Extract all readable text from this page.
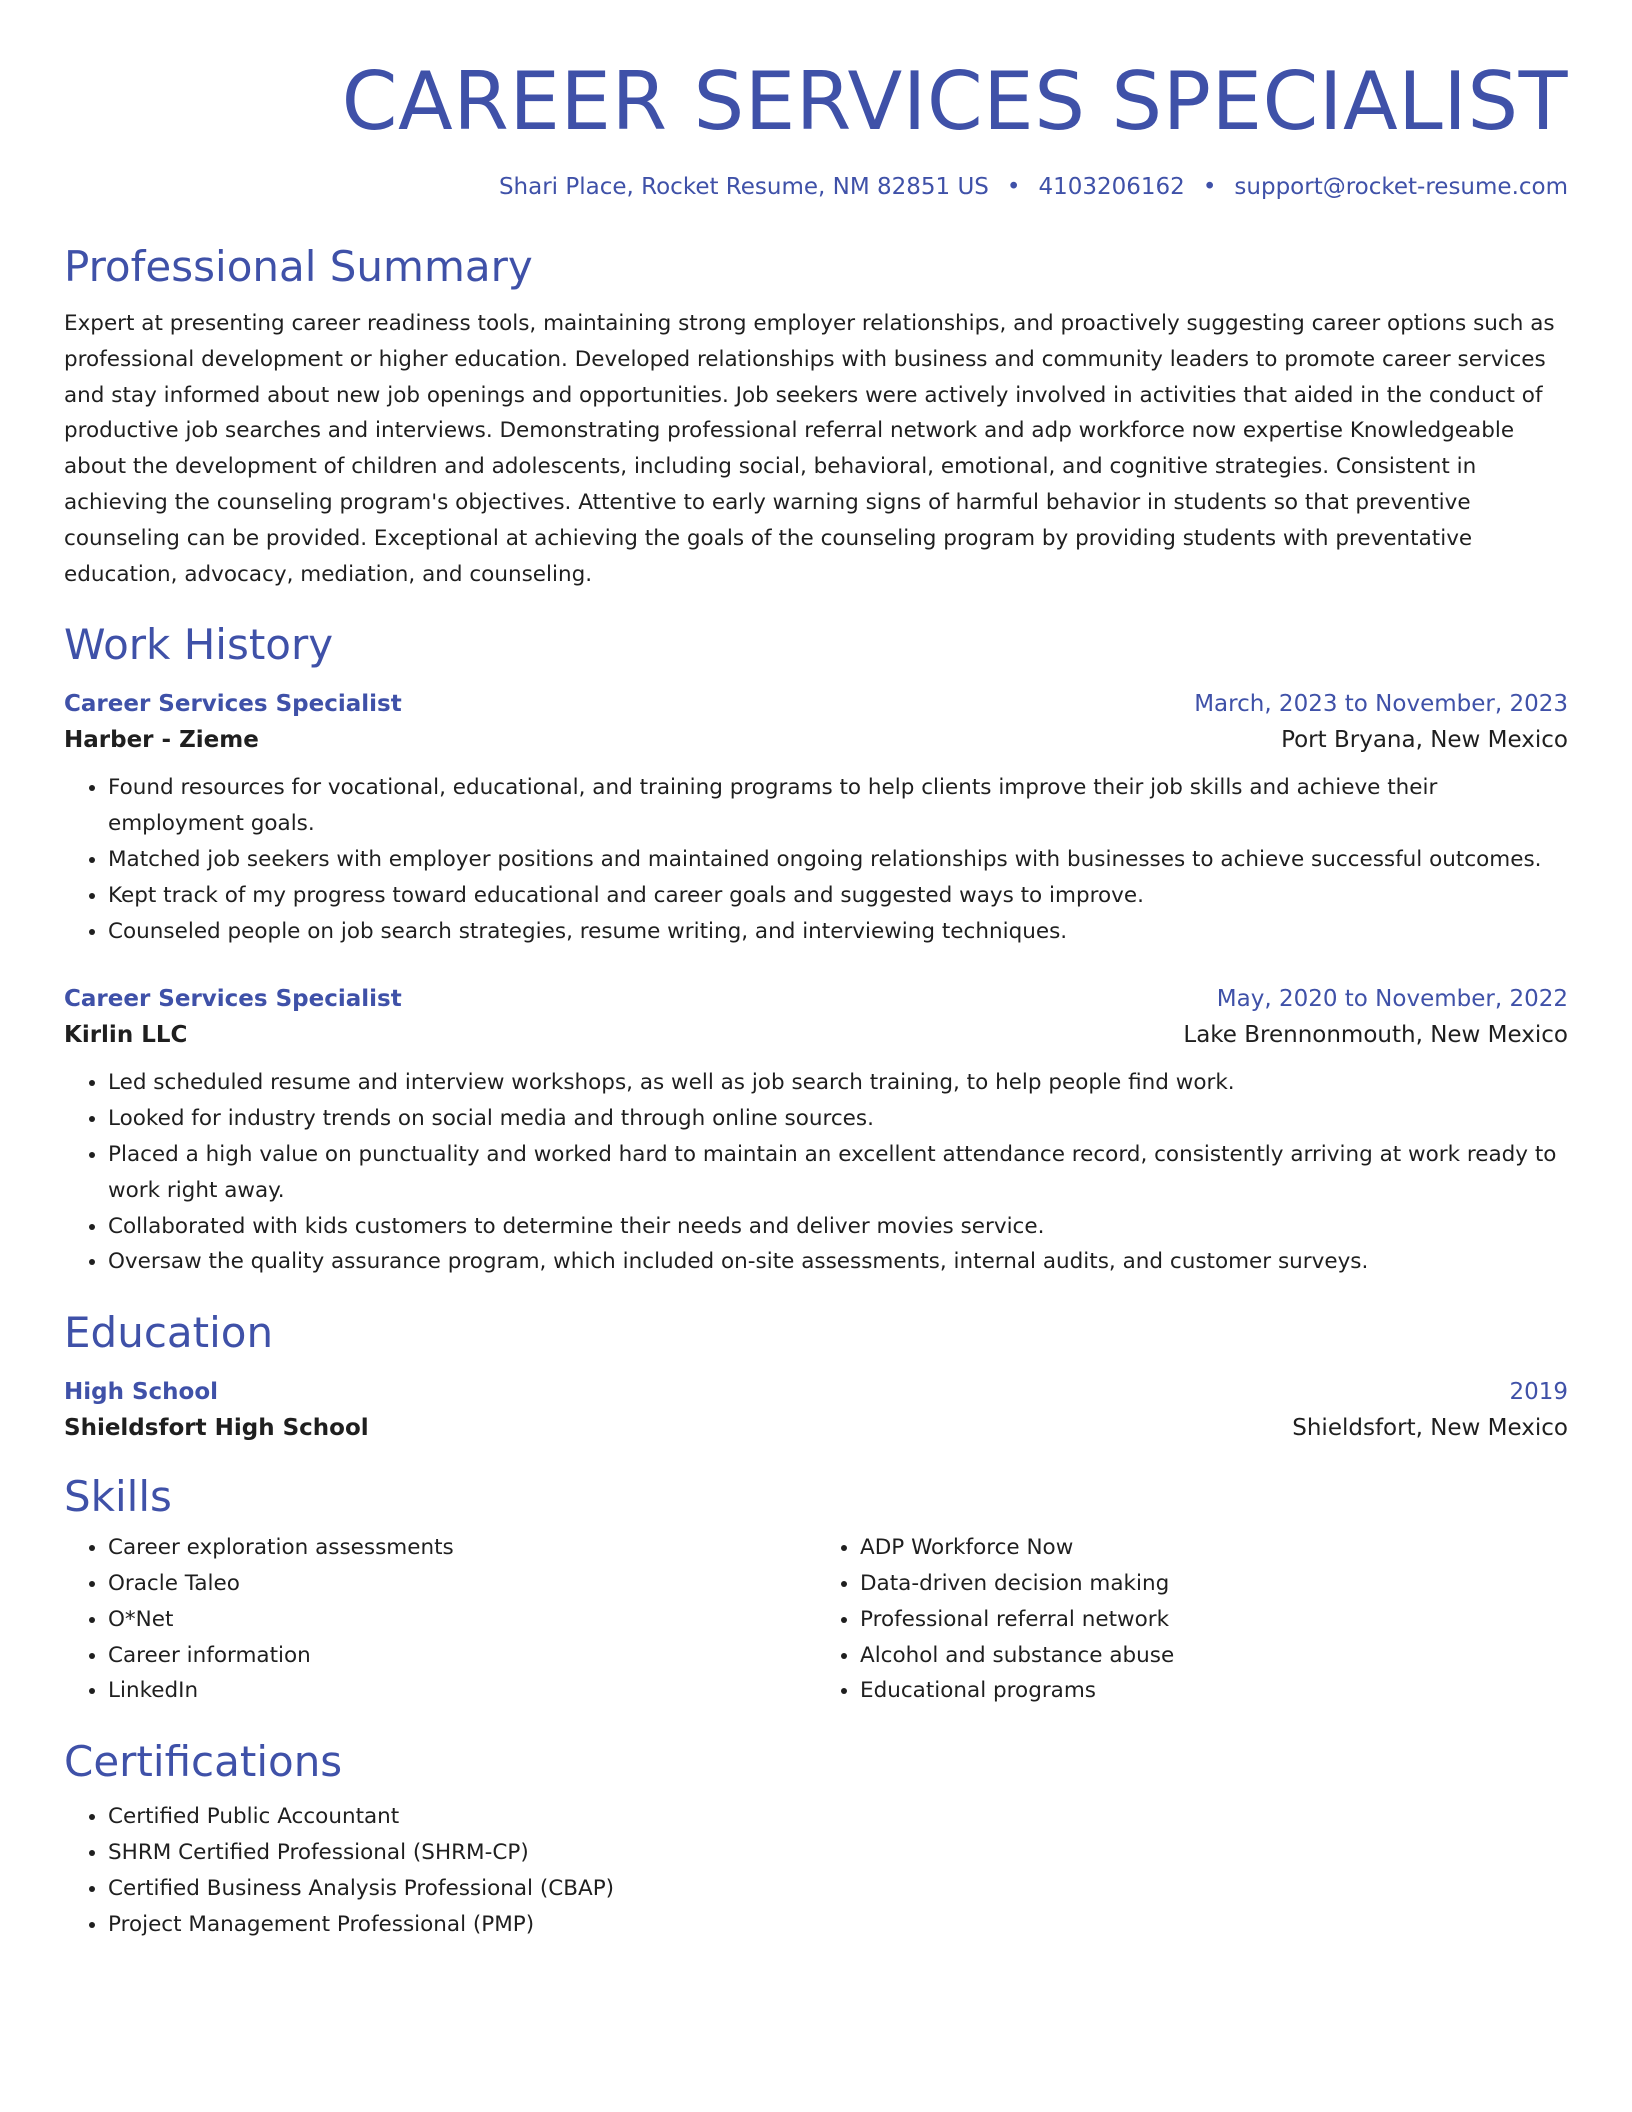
CAREER SERVICES SPECIALIST
Shari Place, Rocket Resume, NM 82851 US • 4103206162 • support@rocket-resume.com
Professional Summary

Expert at presenting career readiness tools, maintaining strong employer relationships, and proactively suggesting career options such as professional development or higher education. Developed relationships with business and community leaders to promote career services and stay informed about new job openings and opportunities. Job seekers were actively involved in activities that aided in the conduct of productive job searches and interviews. Demonstrating professional referral network and adp workforce now expertise Knowledgeable about the development of children and adolescents, including social, behavioral, emotional, and cognitive strategies. Consistent in achieving the counseling program's objectives. Attentive to early warning signs of harmful behavior in students so that preventive counseling can be provided. Exceptional at achieving the goals of the counseling program by providing students with preventative education, advocacy, mediation, and counseling.

Work History
Career Services Specialist	March, 2023 to November, 2023
Harber - Zieme	Port Bryana, New Mexico
• Found resources for vocational, educational, and training programs to help clients improve their job skills and achieve their employment goals.
• Matched job seekers with employer positions and maintained ongoing relationships with businesses to achieve successful outcomes.
• Kept track of my progress toward educational and career goals and suggested ways to improve.
• Counseled people on job search strategies, resume writing, and interviewing techniques.
Career Services Specialist	May, 2020 to November, 2022
Kirlin LLC	Lake Brennonmouth, New Mexico
• Led scheduled resume and interview workshops, as well as job search training, to help people find work.
• Looked for industry trends on social media and through online sources.
• Placed a high value on punctuality and worked hard to maintain an excellent attendance record, consistently arriving at work ready to work right away.
• Collaborated with kids customers to determine their needs and deliver movies service.
• Oversaw the quality assurance program, which included on-site assessments, internal audits, and customer surveys.
Education
High School	2019
Shieldsfort High School	Shieldsfort, New Mexico
Skills
• Career exploration assessments
• Oracle Taleo
• O*Net
• Career information
• LinkedIn
• ADP Workforce Now
• Data-driven decision making
• Professional referral network
• Alcohol and substance abuse
• Educational programs
Certifications
• Certified Public Accountant
• SHRM Certified Professional (SHRM-CP)
• Certified Business Analysis Professional (CBAP)
• Project Management Professional (PMP)
